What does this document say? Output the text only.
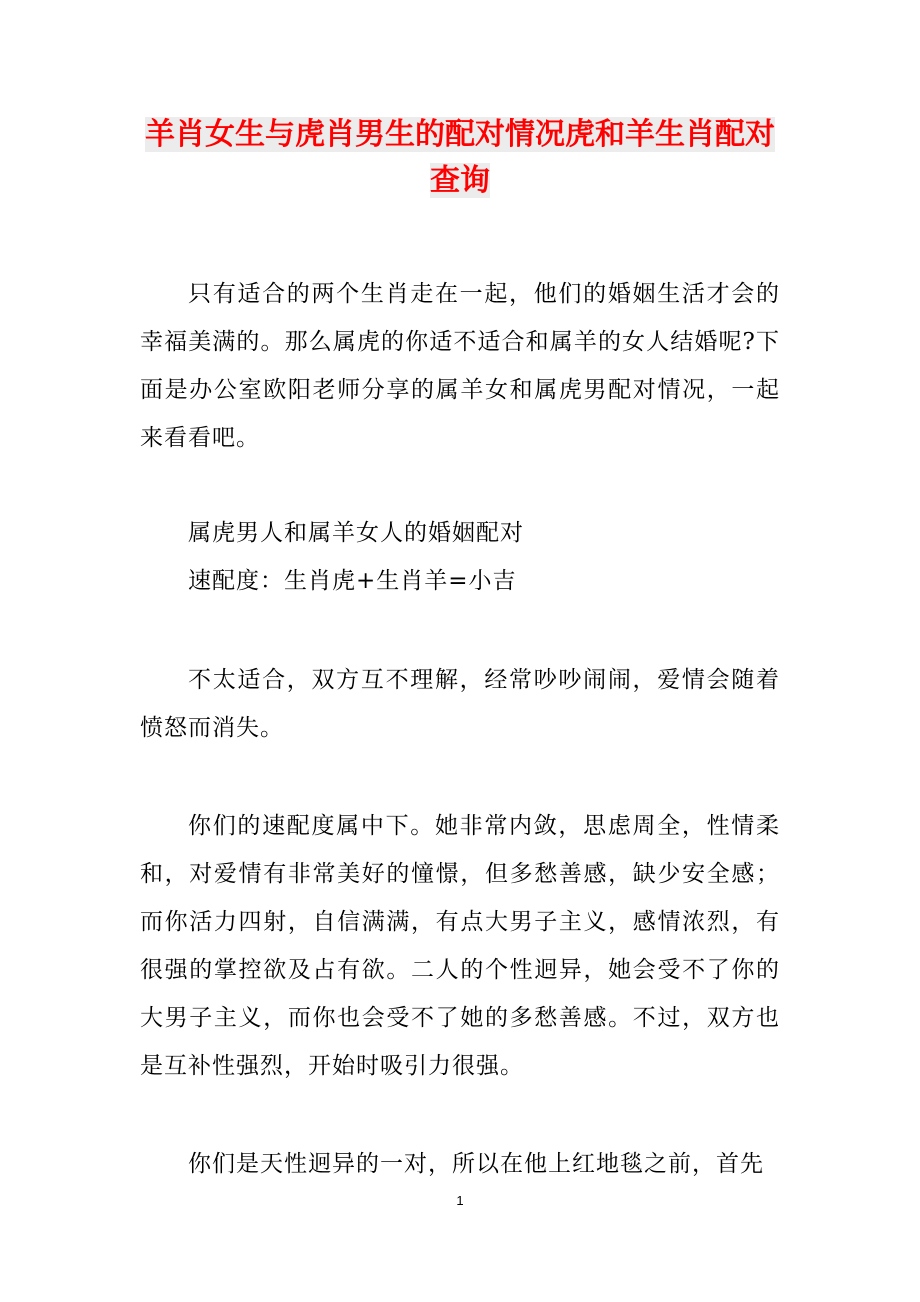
羊肖女生与虎肖男生的配对情况虎和羊生肖配对查询

只有适合的两个生肖走在一起，他们的婚姻生活才会的幸福美满的。那么属虎的你适不适合和属羊的女人结婚呢?下面是办公室欧阳老师分享的属羊女和属虎男配对情况，一起来看看吧。

属虎男人和属羊女人的婚姻配对

速配度：生肖虎+生肖羊=小吉

不太适合，双方互不理解，经常吵吵闹闹，爱情会随着愤怒而消失。

你们的速配度属中下。她非常内敛，思虑周全，性情柔和，对爱情有非常美好的憧憬，但多愁善感，缺少安全感；而你活力四射，自信满满，有点大男子主义，感情浓烈，有很强的掌控欲及占有欲。二人的个性迥异，她会受不了你的大男子主义，而你也会受不了她的多愁善感。不过，双方也是互补性强烈，开始时吸引力很强。

你们是天性迥异的一对，所以在他上红地毯之前，首先

1
